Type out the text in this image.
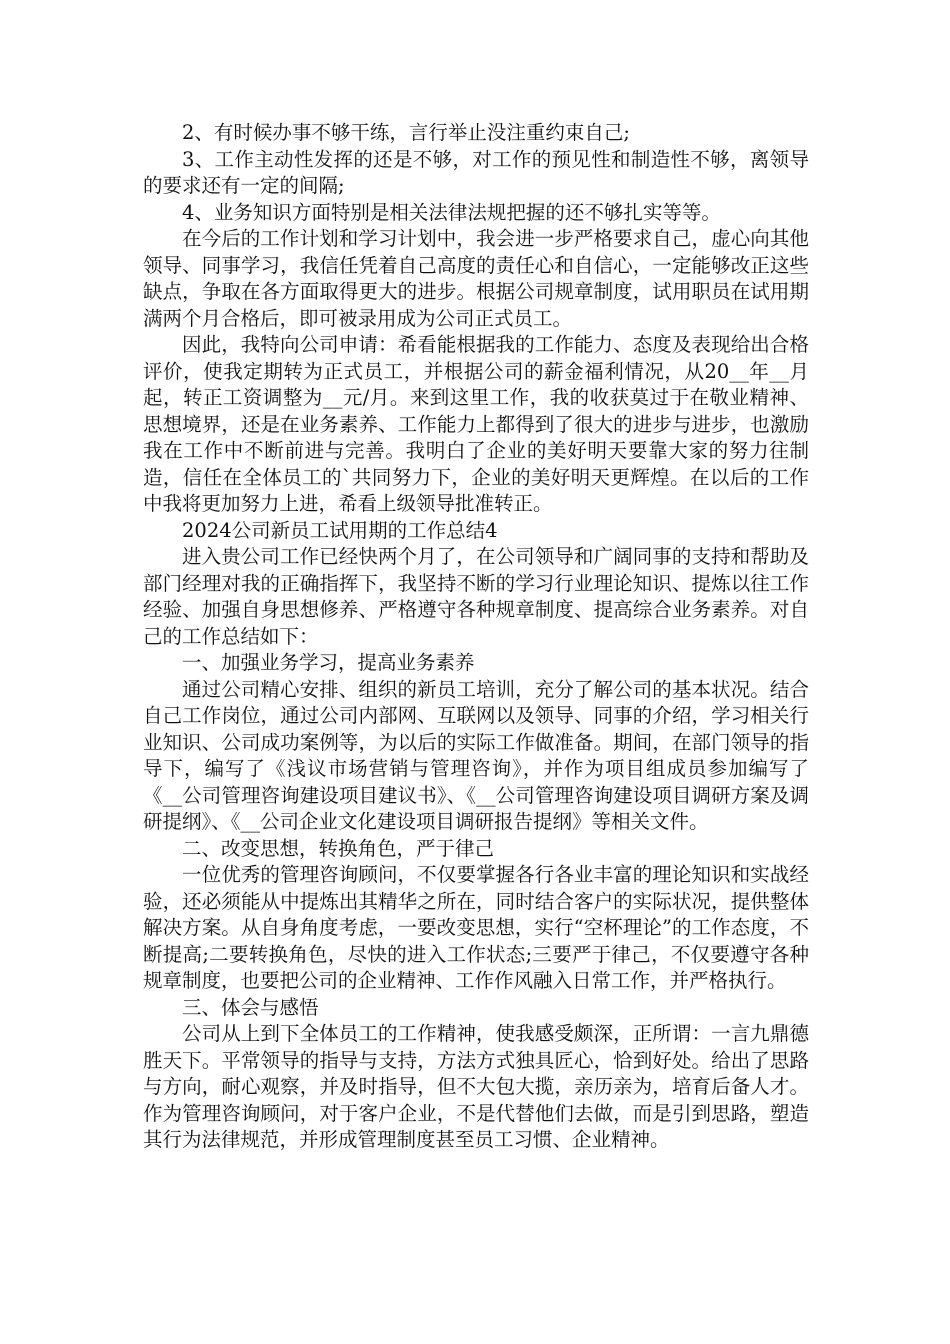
2、有时候办事不够干练，言行举止没注重约束自己;

3、工作主动性发挥的还是不够，对工作的预见性和制造性不够，离领导的要求还有一定的间隔;

4、业务知识方面特别是相关法律法规把握的还不够扎实等等。

在今后的工作计划和学习计划中，我会进一步严格要求自己，虚心向其他领导、同事学习，我信任凭着自己高度的责任心和自信心，一定能够改正这些缺点，争取在各方面取得更大的进步。根据公司规章制度，试用职员在试用期满两个月合格后，即可被录用成为公司正式员工。

因此，我特向公司申请：希看能根据我的工作能力、态度及表现给出合格评价，使我定期转为正式员工，并根据公司的薪金福利情况，从20__年__月起，转正工资调整为__元/月。来到这里工作，我的收获莫过于在敬业精神、思想境界，还是在业务素养、工作能力上都得到了很大的进步与进步，也激励我在工作中不断前进与完善。我明白了企业的美好明天要靠大家的努力往制造，信任在全体员工的`共同努力下，企业的美好明天更辉煌。在以后的工作中我将更加努力上进，希看上级领导批准转正。

2024公司新员工试用期的工作总结4

进入贵公司工作已经快两个月了，在公司领导和广阔同事的支持和帮助及部门经理对我的正确指挥下，我坚持不断的学习行业理论知识、提炼以往工作经验、加强自身思想修养、严格遵守各种规章制度、提高综合业务素养。对自己的工作总结如下：

一、加强业务学习，提高业务素养

通过公司精心安排、组织的新员工培训，充分了解公司的基本状况。结合自己工作岗位，通过公司内部网、互联网以及领导、同事的介绍，学习相关行业知识、公司成功案例等，为以后的实际工作做准备。期间，在部门领导的指导下，编写了《浅议市场营销与管理咨询》，并作为项目组成员参加编写了《__公司管理咨询建设项目建议书》、《__公司管理咨询建设项目调研方案及调研提纲》、《__公司企业文化建设项目调研报告提纲》等相关文件。

二、改变思想，转换角色，严于律己

一位优秀的管理咨询顾问，不仅要掌握各行各业丰富的理论知识和实战经验，还必须能从中提炼出其精华之所在，同时结合客户的实际状况，提供整体解决方案。从自身角度考虑，一要改变思想，实行“空杯理论”的工作态度，不断提高;二要转换角色，尽快的进入工作状态;三要严于律己，不仅要遵守各种规章制度，也要把公司的企业精神、工作作风融入日常工作，并严格执行。

三、体会与感悟

公司从上到下全体员工的工作精神，使我感受颇深，正所谓：一言九鼎德胜天下。平常领导的指导与支持，方法方式独具匠心，恰到好处。给出了思路与方向，耐心观察，并及时指导，但不大包大揽，亲历亲为，培育后备人才。作为管理咨询顾问，对于客户企业，不是代替他们去做，而是引到思路，塑造其行为法律规范，并形成管理制度甚至员工习惯、企业精神。
